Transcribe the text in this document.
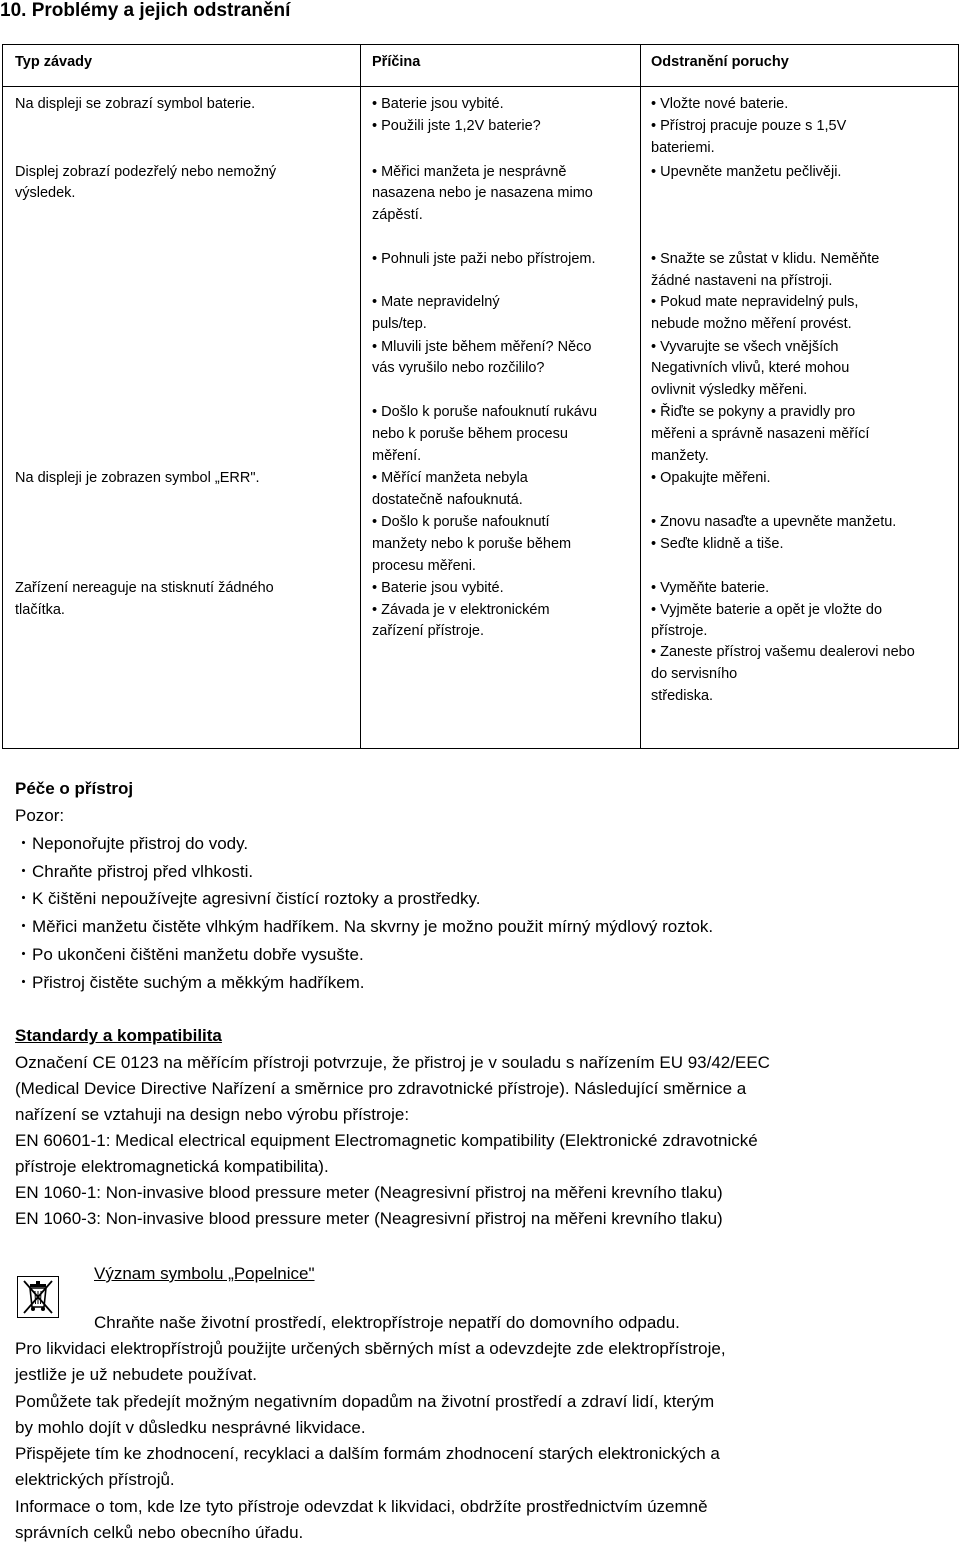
10. Problémy a jejich odstranění
Typ závady	Příčina	Odstranění poruchy
Na displeji se zobrazí symbol baterie.
Displej zobrazí podezřelý nebo nemožný
výsledek.
Na displeji je zobrazen symbol „ERR".
Zařízení nereaguje na stisknutí žádného
tlačítka.
• Baterie jsou vybité.
• Použili jste 1,2V baterie?
• Měřici manžeta je nesprávně
nasazena nebo je nasazena mimo
zápěstí.
• Pohnuli jste paži nebo přístrojem.
• Mate nepravidelný
puls/tep.
• Mluvili jste během měření? Něco
vás vyrušilo nebo rozčililo?
• Došlo k poruše nafouknutí rukávu
nebo k poruše během procesu
měření.
• Měřící manžeta nebyla
dostatečně nafouknutá.
• Došlo k poruše nafouknutí
manžety nebo k poruše během
procesu měřeni.
• Baterie jsou vybité.
• Závada je v elektronickém
zařízení přístroje.
• Vložte nové baterie.
• Přístroj pracuje pouze s 1,5V
bateriemi.
• Upevněte manžetu pečlivěji.
• Snažte se zůstat v klidu. Neměňte
žádné nastaveni na přístroji.
• Pokud mate nepravidelný puls,
nebude možno měření provést.
• Vyvarujte se všech vnějších
Negativních vlivů, které mohou
ovlivnit výsledky měřeni.
• Řiďte se pokyny a pravidly pro
měřeni a správně nasazeni měřící
manžety.
• Opakujte měřeni.
• Znovu nasaďte a upevněte manžetu.
• Seďte klidně a tiše.
• Vyměňte baterie.
• Vyjměte baterie a opět je vložte do
přístroje.
• Zaneste přístroj vašemu dealerovi nebo
do servisního
střediska.
Péče o přístroj
Pozor:
・Neponořujte přistroj do vody.
・Chraňte přistroj před vlhkosti.
・K čištěni nepoužívejte agresivní čistící roztoky a prostředky.
・Měřici manžetu čistěte vlhkým hadříkem. Na skvrny je možno použit mírný mýdlový roztok.
・Po ukončeni čištěni manžetu dobře vysušte.
・Přistroj čistěte suchým a měkkým hadříkem.
Standardy a kompatibilita
Označení CE 0123 na měřícím přístroji potvrzuje, že přistroj je v souladu s nařízením EU 93/42/EEC
(Medical Device Directive Nařízení a směrnice pro zdravotnické přístroje). Následující směrnice a
nařízení se vztahuji na design nebo výrobu přístroje:
EN 60601-1: Medical electrical equipment Electromagnetic kompatibility (Elektronické zdravotnické
přístroje elektromagnetická kompatibilita).
EN 1060-1: Non-invasive blood pressure meter (Neagresivní přistroj na měřeni krevního tlaku)
EN 1060-3: Non-invasive blood pressure meter (Neagresivní přistroj na měřeni krevního tlaku)
Význam symbolu „Popelnice"
Chraňte naše životní prostředí, elektropřístroje nepatří do domovního odpadu.
Pro likvidaci elektropřístrojů použijte určených sběrných míst a odevzdejte zde elektropřístroje,
jestliže je už nebudete používat.
Pomůžete tak předejít možným negativním dopadům na životní prostředí a zdraví lidí, kterým
by mohlo dojít v důsledku nesprávné likvidace.
Přispějete tím ke zhodnocení, recyklaci a dalším formám zhodnocení starých elektronických a
elektrických přístrojů.
Informace o tom, kde lze tyto přístroje odevzdat k likvidaci, obdržíte prostřednictvím územně
správních celků nebo obecního úřadu.
